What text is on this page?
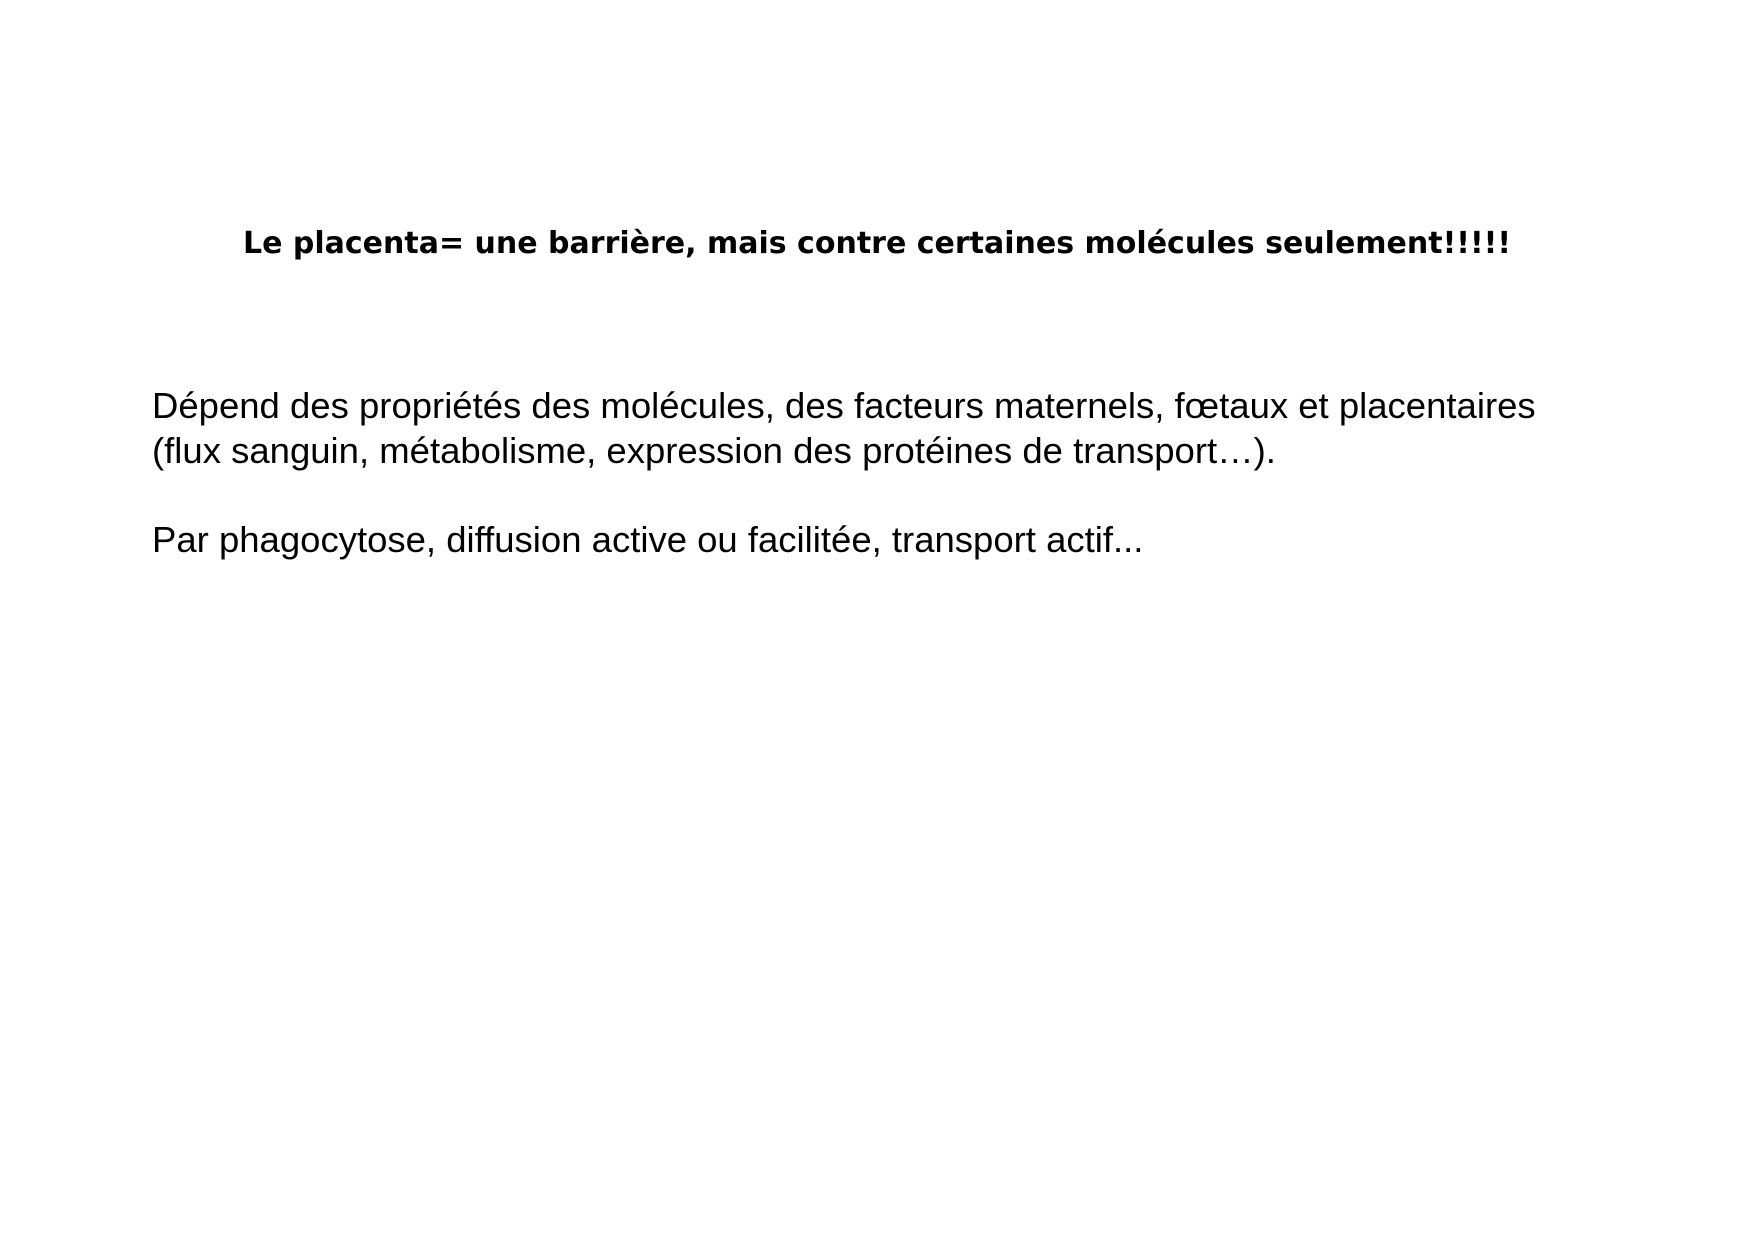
Le placenta= une barrière, mais contre certaines molécules seulement!!!!!
Dépend des propriétés des molécules, des facteurs maternels, fœtaux et placentaires
(flux sanguin, métabolisme, expression des protéines de transport…).
Par phagocytose, diffusion active ou facilitée, transport actif...
